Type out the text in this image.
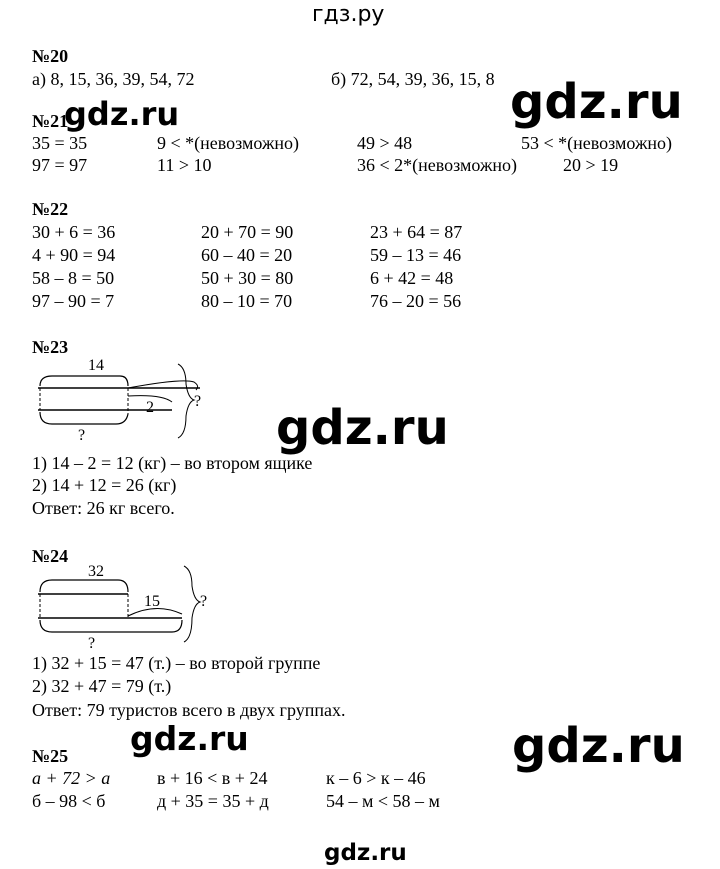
гдз.ру
gdz.ru	gdz.ru
gdz.ru
gdz.ru	gdz.ru
gdz.ru
№20
а) 8, 15, 36, 39, 54, 72	б) 72, 54, 39, 36, 15, 8
№21
35 = 35	9 < *(невозможно)	49 > 48	53 < *(невозможно)
97 = 97	11 > 10	36 < 2*(невозможно)	20 > 19
№22
30 + 6 = 36	20 + 70 = 90	23 + 64 = 87
4 + 90 = 94	60 – 40 = 20	59 – 13 = 46
58 – 8 = 50	50 + 30 = 80	6 + 42 = 48
97 – 90 = 7	80 – 10 = 70	76 – 20 = 56
№23
14
2
?
?
1) 14 – 2 = 12 (кг) – во втором ящике
2) 14 + 12 = 26 (кг)
Ответ: 26 кг всего.
№24
32
15
?
?
1) 32 + 15 = 47 (т.) – во второй группе
2) 32 + 47 = 79 (т.)
Ответ: 79 туристов всего в двух группах.
№25
а + 72 > а	в + 16 < в + 24	к – 6 > к – 46
б – 98 < б	д + 35 = 35 + д	54 – м < 58 – м
